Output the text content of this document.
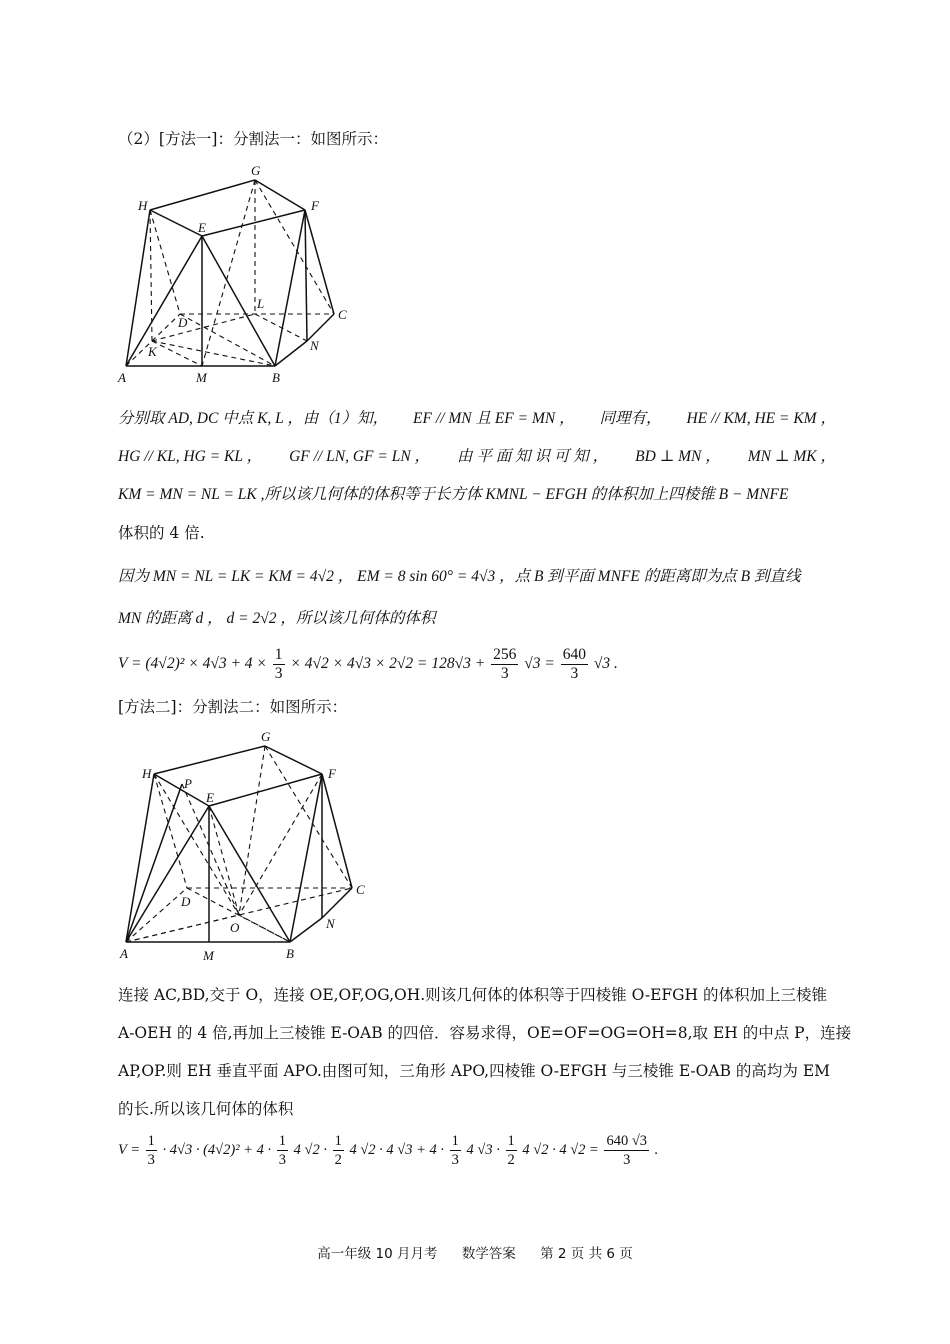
（2）[方法一]：分割法一：如图所示：
G
H	F
E
D
L
C
K	N
A	M	B
分别取 AD, DC 中点 K, L ，由（1）知， EF // MN 且 EF = MN ， 同理有， HE // KM, HE = KM ，
HG // KL, HG = KL ， GF // LN, GF = LN ， 由 平 面 知 识 可 知 ， BD ⊥ MN ， MN ⊥ MK ，
KM = MN = NL = LK ,所以该几何体的体积等于长方体 KMNL − EFGH 的体积加上四棱锥 B − MNFE
体积的 4 倍.
因为 MN = NL = LK = KM = 4√2 ， EM = 8 sin 60° = 4√3 ，点 B 到平面 MNFE 的距离即为点 B 到直线
MN 的距离 d ， d = 2√2 ，所以该几何体的体积
$V = (4√2)^2 \times 4√3 + 4 \times \frac{1}{3} \times 4√2 \times 4√3 \times 2√2 = 128√3 + \frac{256}{3} √3 = \frac{640}{3} √3$ .
[方法二]：分割法二：如图所示：
G
H
P
E
F
D
C
O	N
A	M	B
连接 AC,BD,交于 O，连接 OE,OF,OG,OH.则该几何体的体积等于四棱锥 O-EFGH 的体积加上三棱锥
A-OEH 的 4 倍,再加上三棱锥 E-OAB 的四倍．容易求得，OE=OF=OG=OH=8,取 EH 的中点 P，连接
AP,OP.则 EH 垂直平面 APO.由图可知，三角形 APO,四棱锥 O-EFGH 与三棱锥 E-OAB 的高均为 EM
的长.所以该几何体的体积
$V = \frac{1}{3} \cdot 4√3 \cdot (4√2)^2 + 4 \cdot \frac{1}{3} 4$ $√2 \cdot \frac{1}{2} 4$ √2 · 4 $√3 + 4 \cdot \frac{1}{3} 4$ $√3 \cdot \frac{1}{2} 4$ √2 · 4 $√2 = \frac{640 √3}{3}$ .
高一年级 10 月月考 数学答案 第 2 页 共 6 页
